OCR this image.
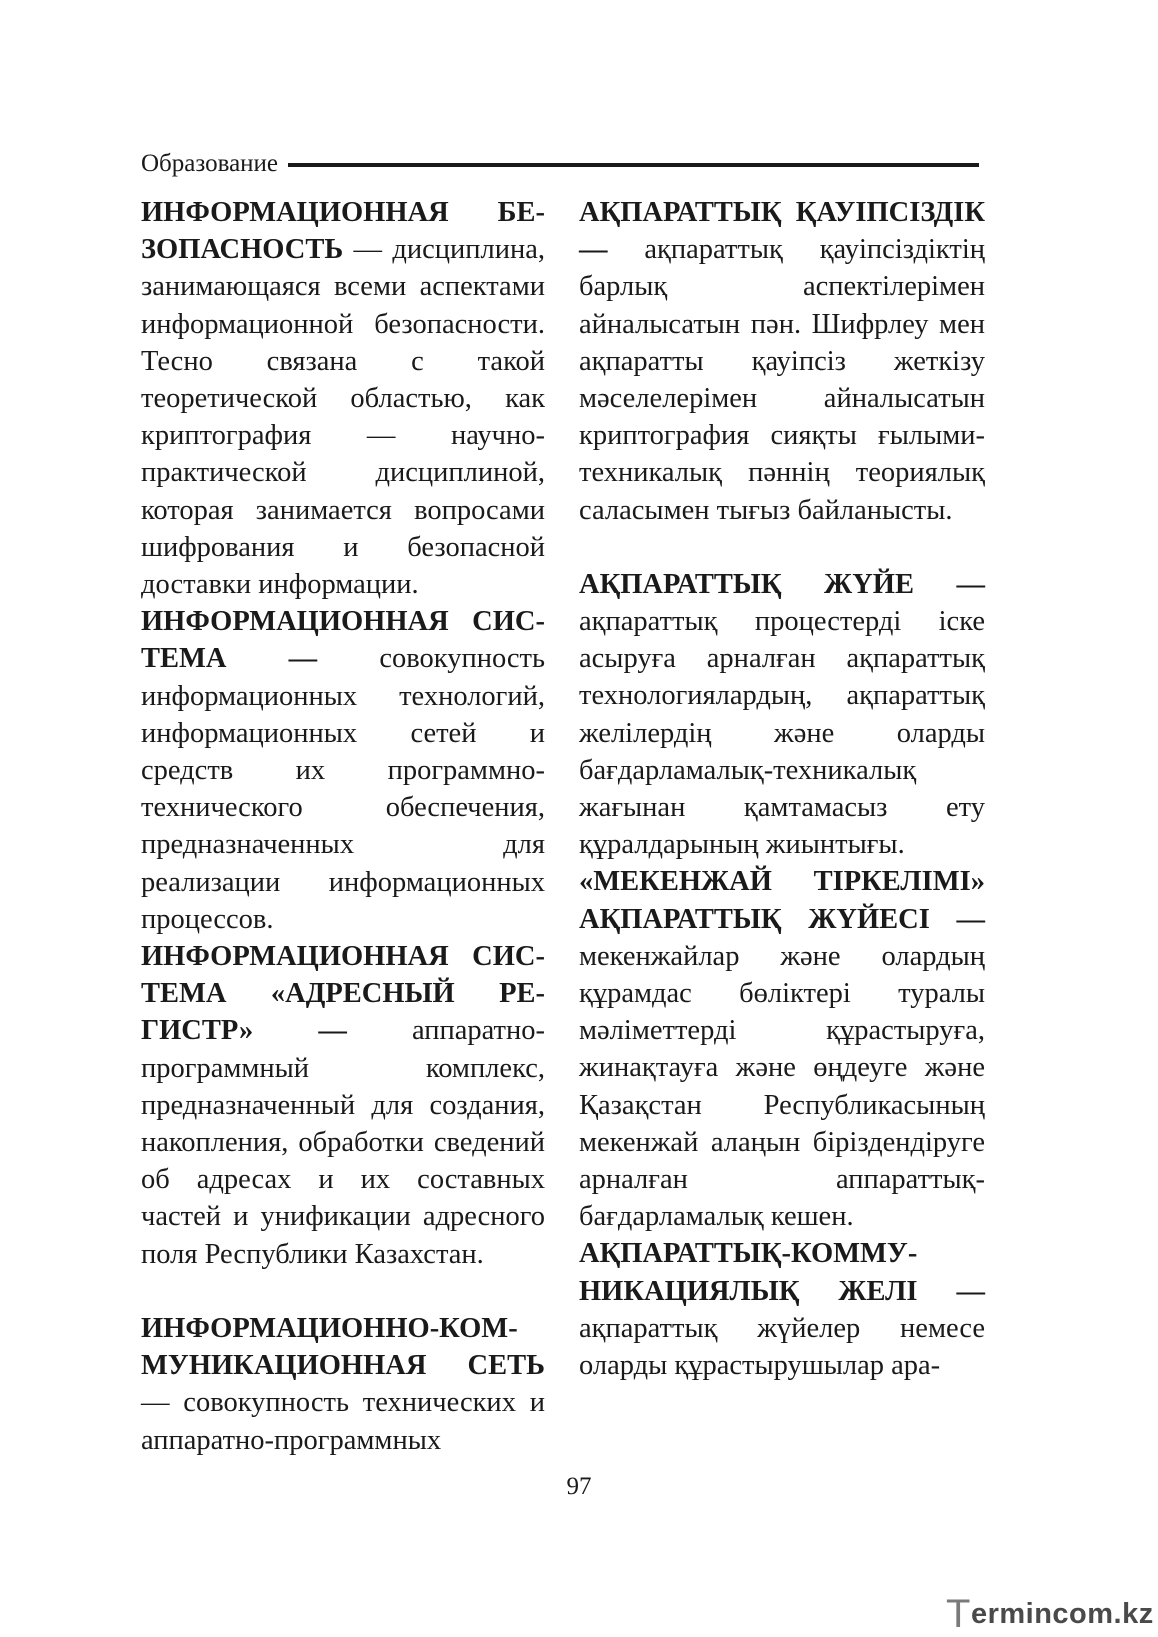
Образование

ИНФОРМАЦИОННАЯ БЕЗОПАСНОСТЬ — дисциплина, занимающаяся всеми аспектами информационной безопасности. Тесно связана с такой теоретической областью, как криптография — научно-практической дисциплиной, которая занимается вопросами шифрования и безопасной доставки информации.

ИНФОРМАЦИОННАЯ СИСТЕМА — совокупность информационных технологий, информационных сетей и средств их программно-технического обеспечения, предназначенных для реализации информационных процессов.

ИНФОРМАЦИОННАЯ СИСТЕМА «АДРЕСНЫЙ РЕГИСТР» — аппаратно-программный комплекс, предназначенный для создания, накопления, обработки сведений об адресах и их составных частей и унификации адресного поля Республики Казахстан.

ИНФОРМАЦИОННО-КОММУНИКАЦИОННАЯ СЕТЬ — совокупность технических и аппаратно-программных

АҚПАРАТТЫҚ ҚАУІПСІЗДІК — ақпараттық қауіпсіздіктің барлық аспектілерімен айналысатын пән. Шифрлеу мен ақпаратты қауіпсіз жеткізу мәселелерімен айналысатын криптография сияқты ғылыми-техникалық пәннің теориялық саласымен тығыз байланысты.

АҚПАРАТТЫҚ ЖҮЙЕ — ақпараттық процестерді іске асыруға арналған ақпараттық технологиялардың, ақпараттық желілердің және оларды бағдарламалық-техникалық жағынан қамтамасыз ету құралдарының жиынтығы.

«МЕКЕНЖАЙ ТІРКЕЛІМІ» АҚПАРАТТЫҚ ЖҮЙЕСІ — мекенжайлар және олардың құрамдас бөліктері туралы мәліметтерді құрастыруға, жинақтауға және өңдеуге және Қазақстан Республикасының мекенжай алаңын біріздендіруге арналған аппараттық-бағдарламалық кешен.

АҚПАРАТТЫҚ-КОММУНИКАЦИЯЛЫҚ ЖЕЛІ — ақпараттық жүйелер немесе оларды құрастырушылар ара-

97
Termincom.kz
